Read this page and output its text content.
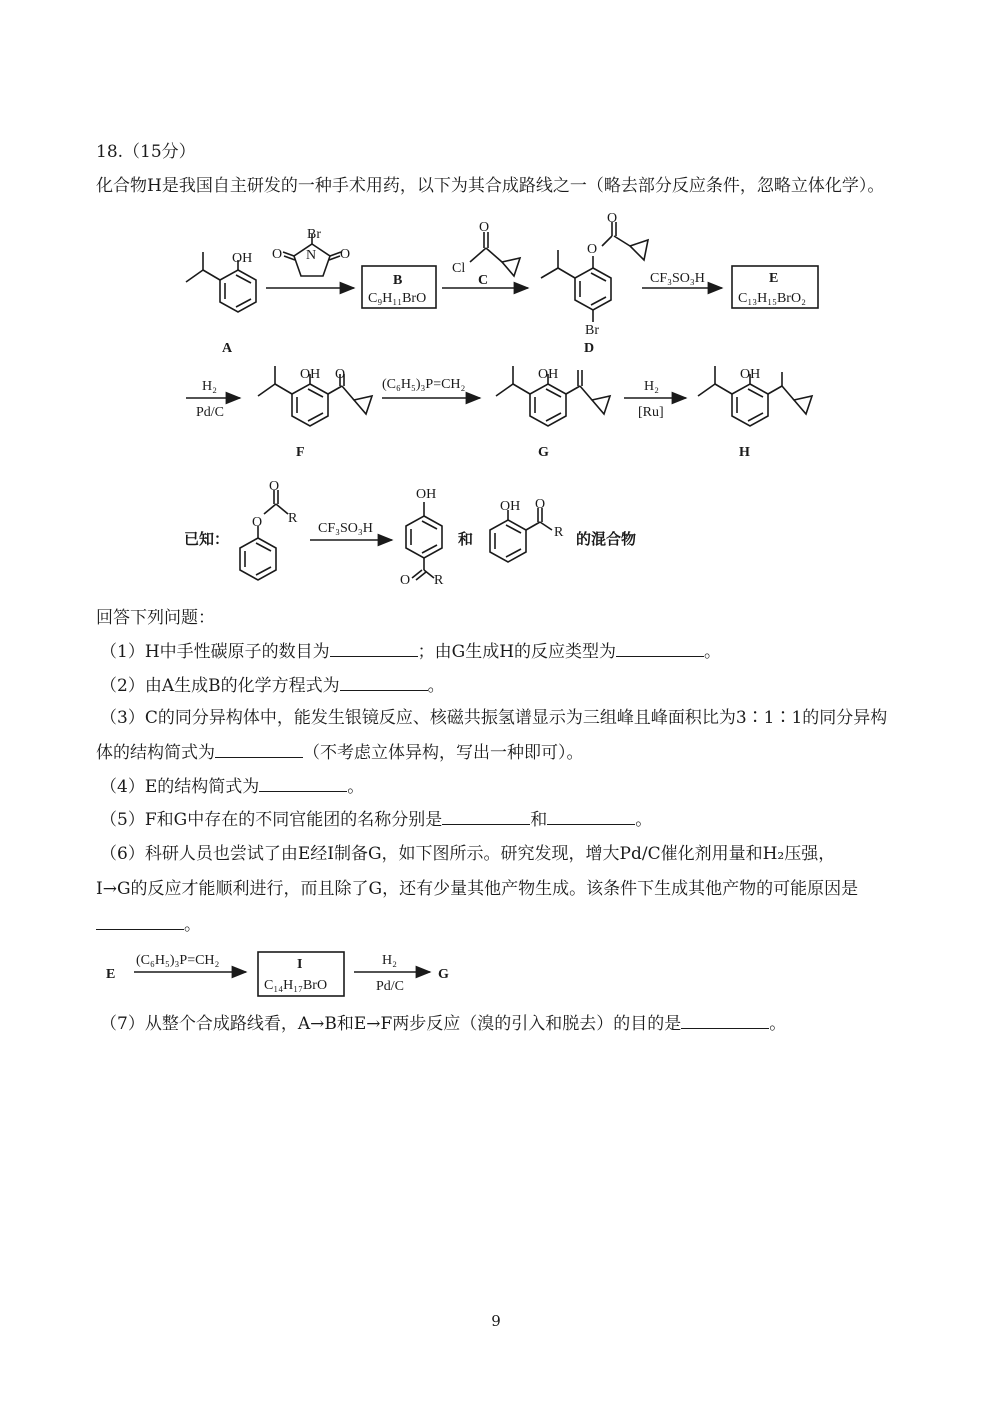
18.（15分）
化合物H是我国自主研发的一种手术用药，以下为其合成路线之一（略去部分反应条件，忽略立体化学）。
OH
A
Br
N
O	O
B
C₉H₁₁BrO
O
Cl
C
O
O
Br
D
CF₃SO₃H	E
C₁₃H₁₅BrO₂
H₂
Pd/C
OH O
F
(C₆H₅)₃P=CH₂
OH
G
H₂
[Ru]
OH
H
O
O
R
CF₃SO₃H
OH
O R
OH O
R
E
(C₆H₅)₃P=CH₂	I
C₁₄H₁₇BrO
H₂
Pd/C
G
已知：	和	的混合物
回答下列问题：
（1）H中手性碳原子的数目为	；由G生成H的反应类型为	。
（2）由A生成B的化学方程式为	。
（3）C的同分异构体中，能发生银镜反应、核磁共振氢谱显示为三组峰且峰面积比为3∶1∶1的同分异构
体的结构简式为	（不考虑立体异构，写出一种即可）。
（4）E的结构简式为	。
（5）F和G中存在的不同官能团的名称分别是	和	。
（6）科研人员也尝试了由E经I制备G，如下图所示。研究发现，增大Pd/C催化剂用量和H₂压强，
I→G的反应才能顺利进行，而且除了G，还有少量其他产物生成。该条件下生成其他产物的可能原因是
。
（7）从整个合成路线看，A→B和E→F两步反应（溴的引入和脱去）的目的是	。
9
